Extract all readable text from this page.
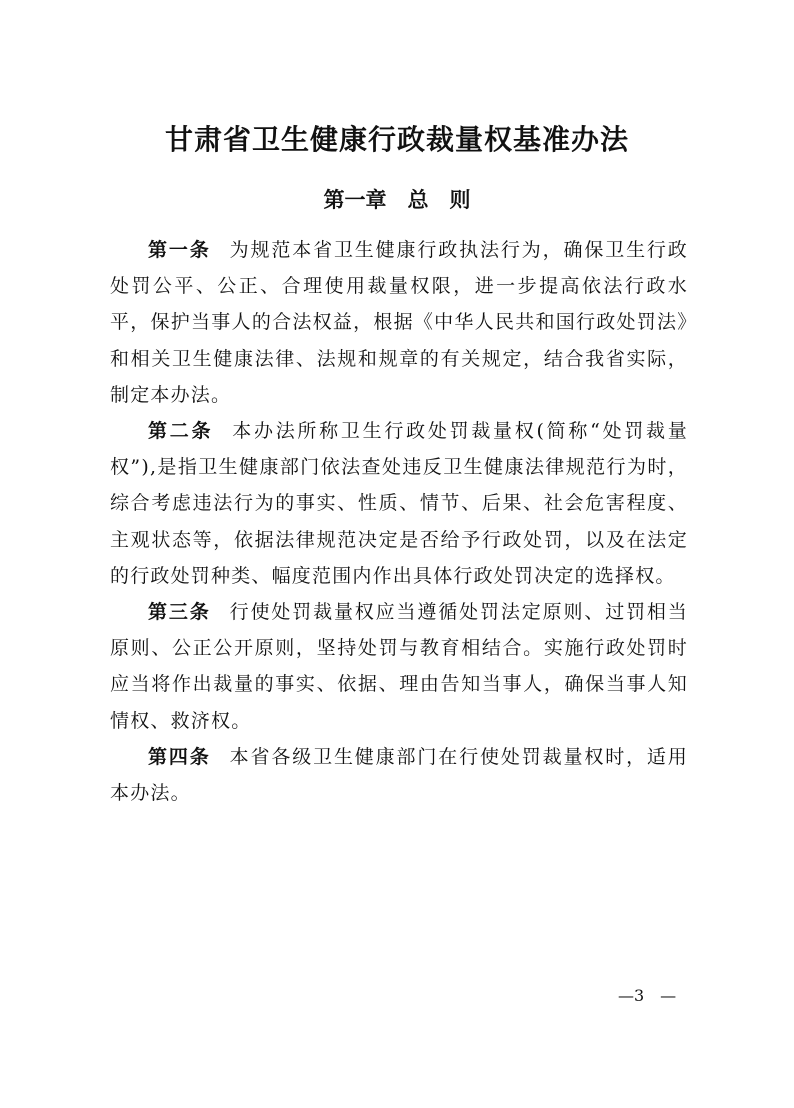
甘肃省卫生健康行政裁量权基准办法
第一章　总　则

第一条 为规范本省卫生健康行政执法行为，确保卫生行政处罚公平、公正、合理使用裁量权限，进一步提高依法行政水平，保护当事人的合法权益，根据《中华人民共和国行政处罚法》和相关卫生健康法律、法规和规章的有关规定，结合我省实际，制定本办法。

第二条 本办法所称卫生行政处罚裁量权(简称“处罚裁量权”),是指卫生健康部门依法查处违反卫生健康法律规范行为时，综合考虑违法行为的事实、性质、情节、后果、社会危害程度、主观状态等，依据法律规范决定是否给予行政处罚，以及在法定的行政处罚种类、幅度范围内作出具体行政处罚决定的选择权。

第三条 行使处罚裁量权应当遵循处罚法定原则、过罚相当原则、公正公开原则，坚持处罚与教育相结合。实施行政处罚时应当将作出裁量的事实、依据、理由告知当事人，确保当事人知情权、救济权。

第四条 本省各级卫生健康部门在行使处罚裁量权时，适用本办法。

—3　—
